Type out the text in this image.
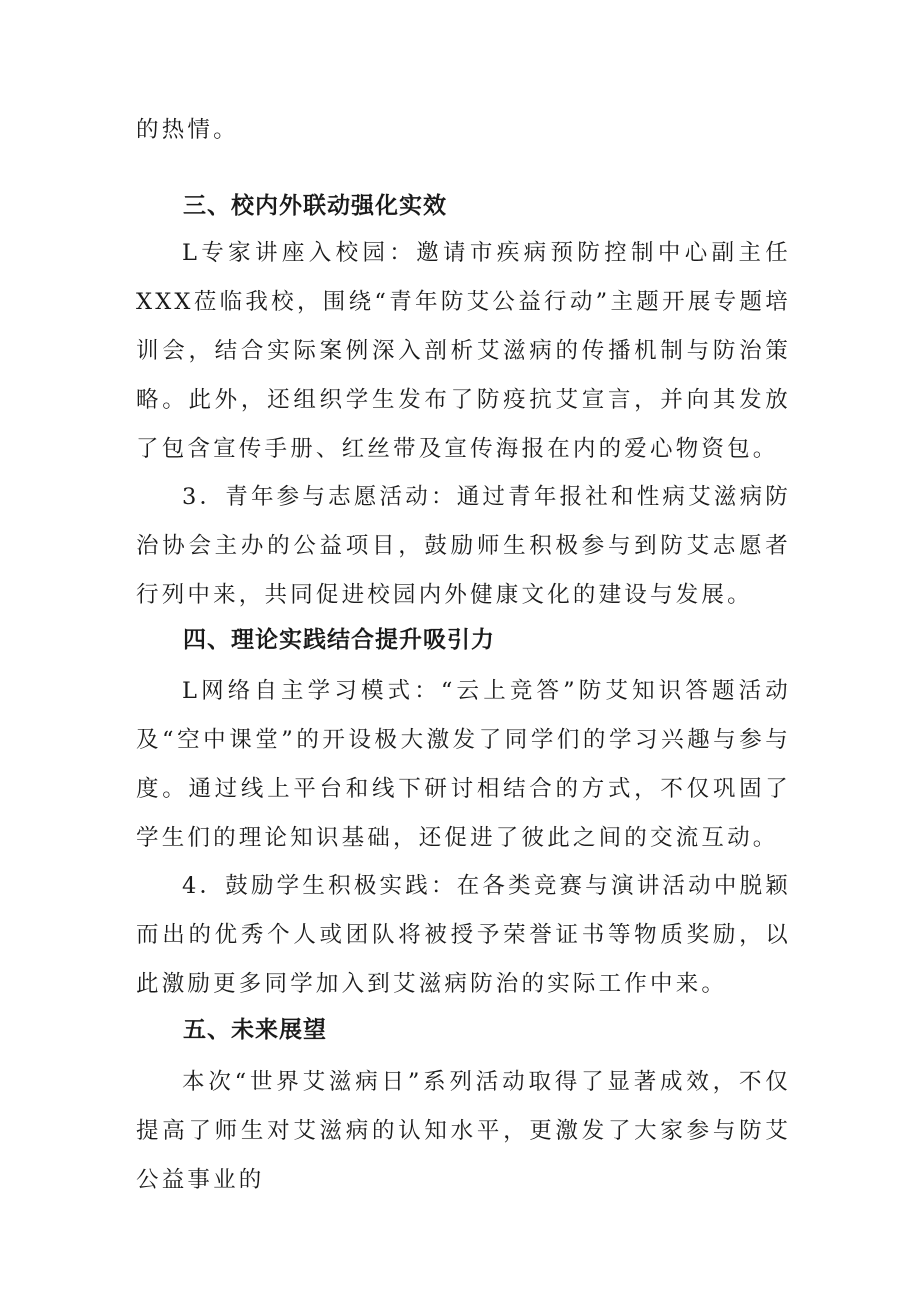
的热情。

三、校内外联动强化实效

L专家讲座入校园：邀请市疾病预防控制中心副主任XXX莅临我校，围绕“青年防艾公益行动”主题开展专题培训会，结合实际案例深入剖析艾滋病的传播机制与防治策略。此外，还组织学生发布了防疫抗艾宣言，并向其发放了包含宣传手册、红丝带及宣传海报在内的爱心物资包。

3．青年参与志愿活动：通过青年报社和性病艾滋病防治协会主办的公益项目，鼓励师生积极参与到防艾志愿者行列中来，共同促进校园内外健康文化的建设与发展。

四、理论实践结合提升吸引力

L网络自主学习模式：“云上竞答”防艾知识答题活动及“空中课堂”的开设极大激发了同学们的学习兴趣与参与度。通过线上平台和线下研讨相结合的方式，不仅巩固了学生们的理论知识基础，还促进了彼此之间的交流互动。

4．鼓励学生积极实践：在各类竞赛与演讲活动中脱颖而出的优秀个人或团队将被授予荣誉证书等物质奖励，以此激励更多同学加入到艾滋病防治的实际工作中来。

五、未来展望

本次“世界艾滋病日”系列活动取得了显著成效，不仅提高了师生对艾滋病的认知水平，更激发了大家参与防艾公益事业的
